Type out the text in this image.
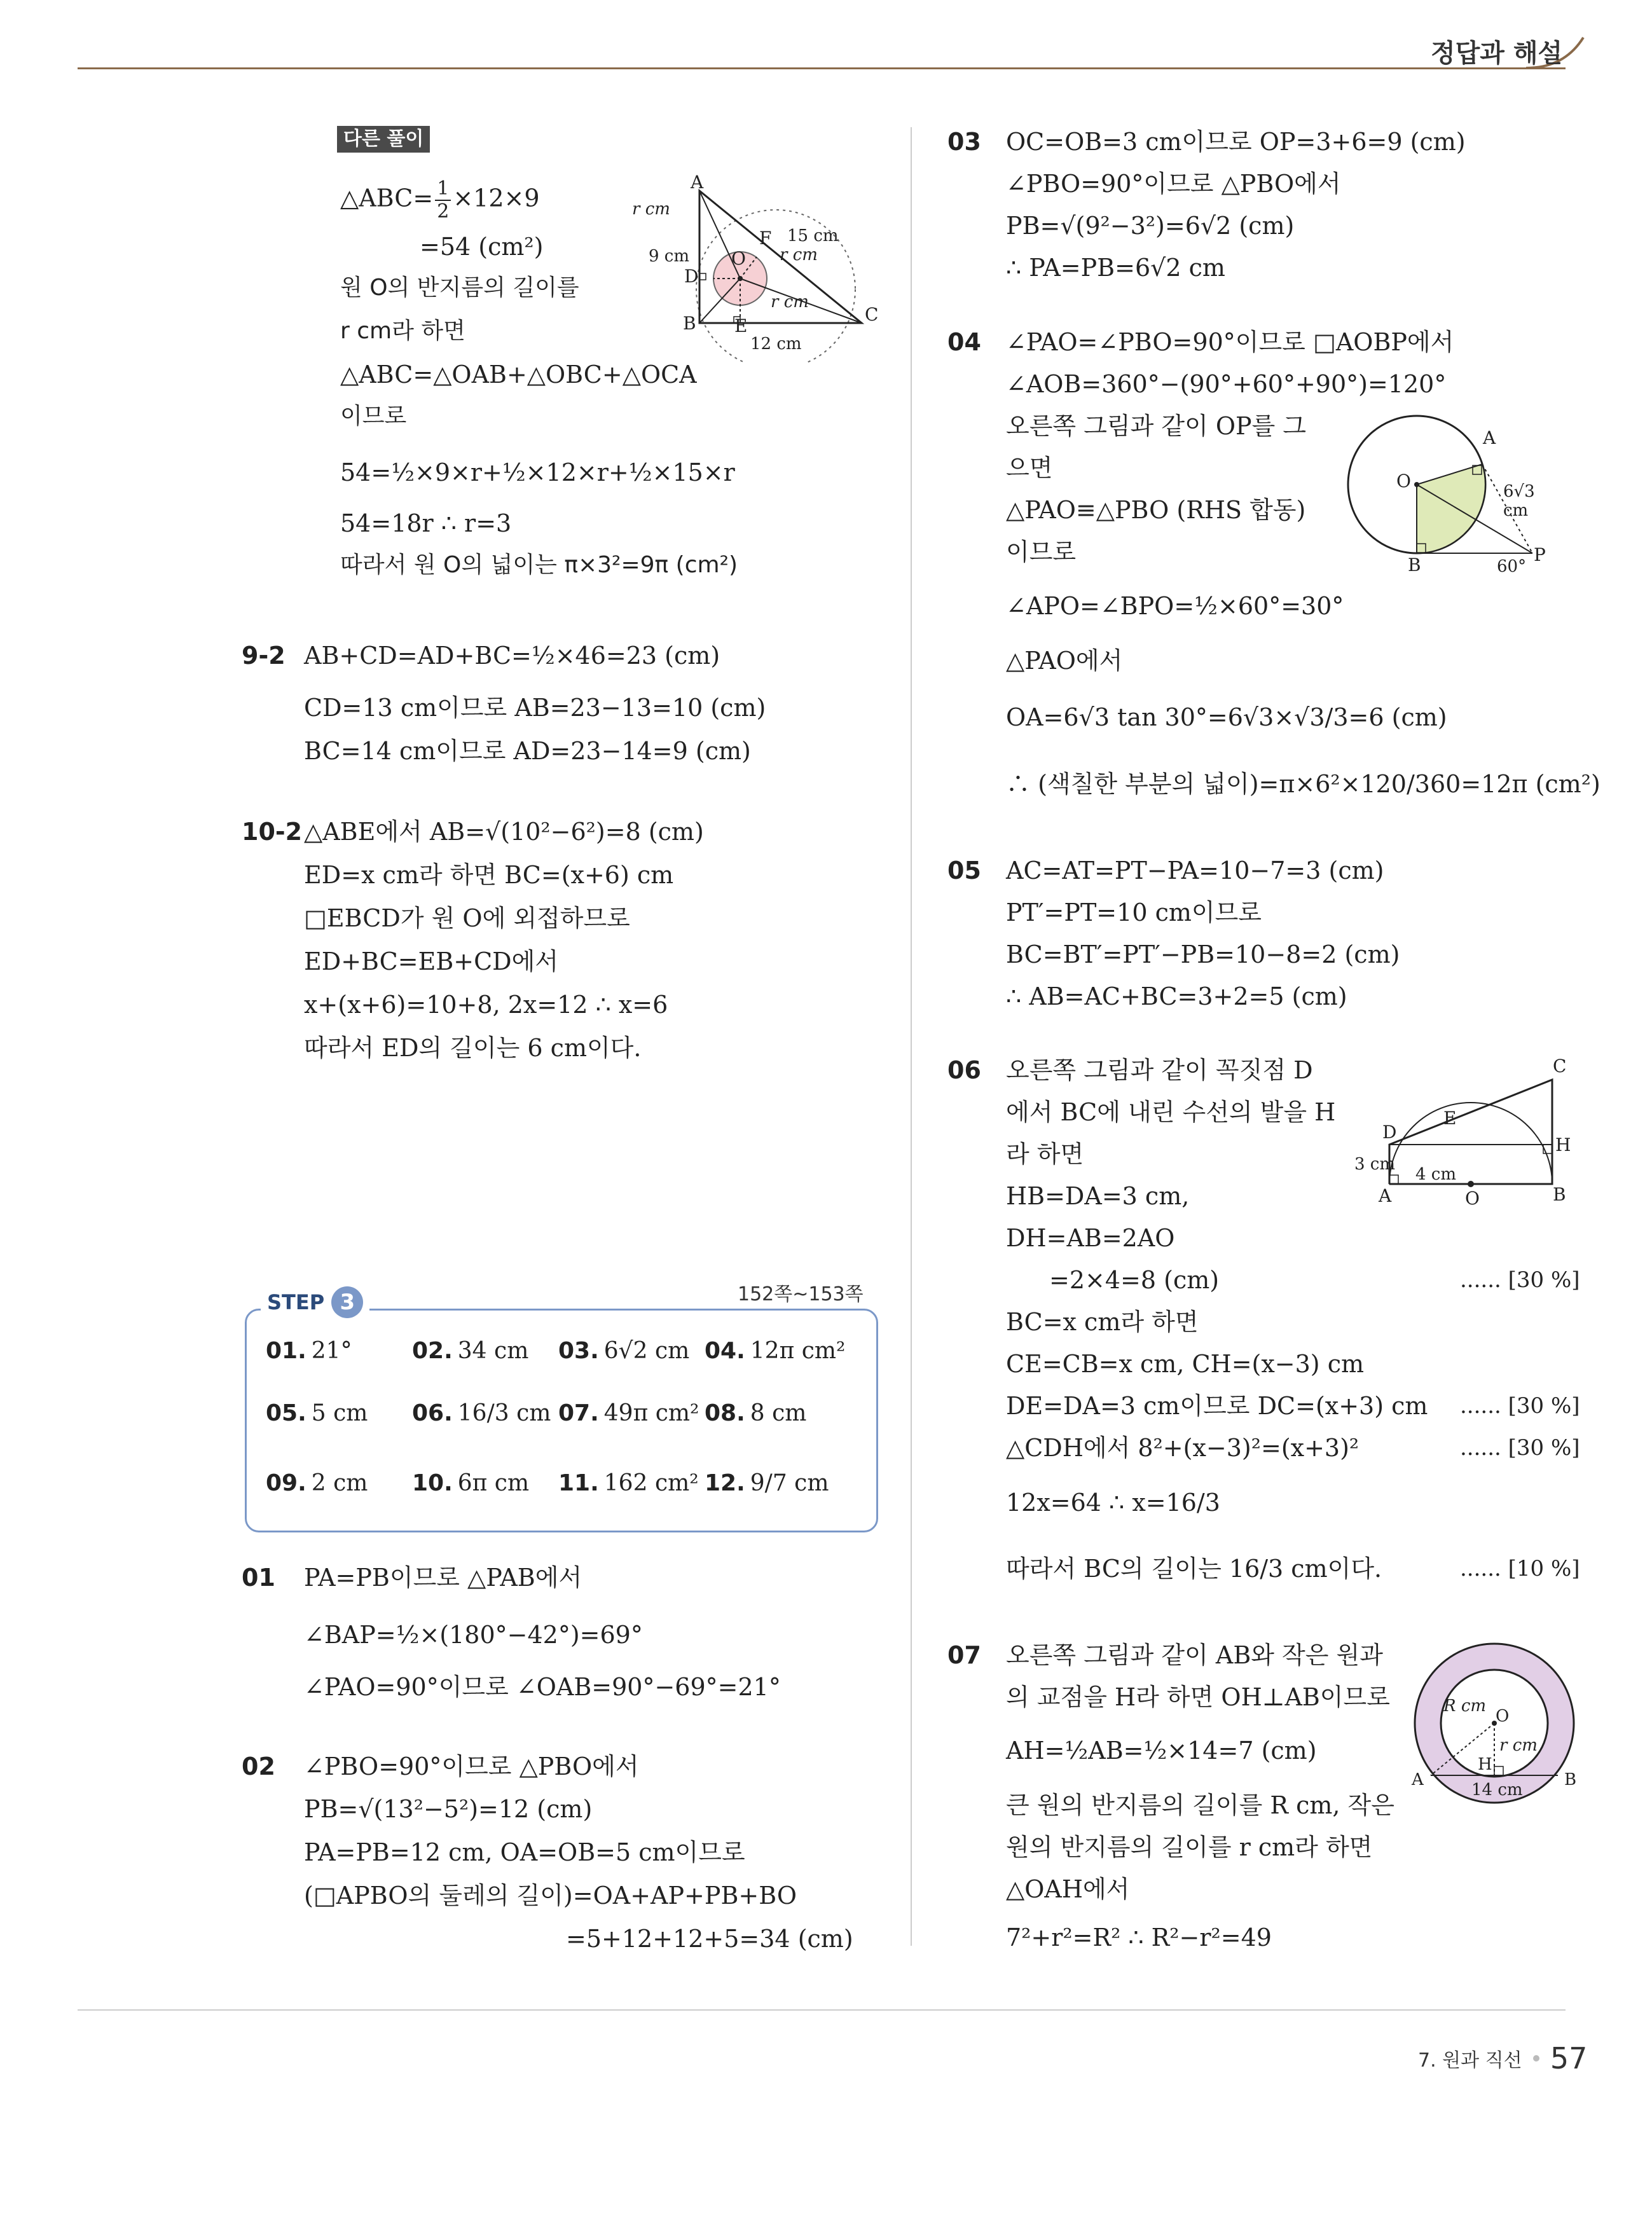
정답과 해설
다른 풀이
△ABC= $\frac{1}{2} \times 12\times 9$
=54 (cm²)
원 O의 반지름의 길이를
r cm라 하면
△ABC=△OAB+△OBC+△OCA
이므로
54=½×9×r+½×12×r+½×15×r
54=18r ∴ r=3
따라서 원 O의 넓이는 π×3²=9π (cm²)
A
B	C
D
E
F
O
r cm
r cm
r cm
9 cm
15 cm
12 cm
9-2 AB+CD=AD+BC=½×46=23 (cm)
CD=13 cm이므로 AB=23−13=10 (cm)
BC=14 cm이므로 AD=23−14=9 (cm)
10-2 △ABE에서 AB=√(10²−6²)=8 (cm)
ED=x cm라 하면 BC=(x+6) cm
□EBCD가 원 O에 외접하므로
ED+BC=EB+CD에서
x+(x+6)=10+8, 2x=12 ∴ x=6
따라서 ED의 길이는 6 cm이다.
STEP 3	152쪽~153쪽
01. 21°	02. 34 cm 03. 6√2 cm 04. 12π cm²
05. 5 cm 06. 16/3 cm 07. 49π cm² 08. 8 cm
09. 2 cm 10. 6π cm 11. 162 cm² 12. 9/7 cm
01 PA=PB이므로 △PAB에서
∠BAP=½×(180°−42°)=69°
∠PAO=90°이므로 ∠OAB=90°−69°=21°
02 ∠PBO=90°이므로 △PBO에서
PB=√(13²−5²)=12 (cm)
PA=PB=12 cm, OA=OB=5 cm이므로
(□APBO의 둘레의 길이)=OA+AP+PB+BO
=5+12+12+5=34 (cm)
03 OC=OB=3 cm이므로 OP=3+6=9 (cm)
∠PBO=90°이므로 △PBO에서
PB=√(9²−3²)=6√2 (cm)
∴ PA=PB=6√2 cm
04 ∠PAO=∠PBO=90°이므로 □AOBP에서
∠AOB=360°−(90°+60°+90°)=120°
오른쪽 그림과 같이 OP를 그
으면
△PAO≡△PBO (RHS 합동)
이므로
∠APO=∠BPO=½×60°=30°
△PAO에서
OA=6√3 tan 30°=6√3×√3/3=6 (cm)
∴ (색칠한 부분의 넓이)=π×6²×120/360=12π (cm²)
O
A
B	P
6√3 cm
60°
05 AC=AT=PT−PA=10−7=3 (cm)
PT′=PT=10 cm이므로
BC=BT′=PT′−PB=10−8=2 (cm)
∴ AB=AC+BC=3+2=5 (cm)
06 오른쪽 그림과 같이 꼭짓점 D
에서 BC에 내린 수선의 발을 H
라 하면
HB=DA=3 cm,
DH=AB=2AO
=2×4=8 (cm)	...... [30 %]
BC=x cm라 하면
CE=CB=x cm, CH=(x−3) cm
DE=DA=3 cm이므로 DC=(x+3) cm ...... [30 %]
△CDH에서 8²+(x−3)²=(x+3)²	...... [30 %]
12x=64 ∴ x=16/3
따라서 BC의 길이는 16/3 cm이다.	...... [10 %]
C
D
E
H
A	O	B
3 cm
4 cm
07 오른쪽 그림과 같이 AB와 작은 원과
의 교점을 H라 하면 OH⊥AB이므로
AH=½AB=½×14=7 (cm)
큰 원의 반지름의 길이를 R cm, 작은
원의 반지름의 길이를 r cm라 하면
△OAH에서
7²+r²=R² ∴ R²−r²=49
O
R cm
r cm
H
A	B
14 cm
7. 원과 직선 57
